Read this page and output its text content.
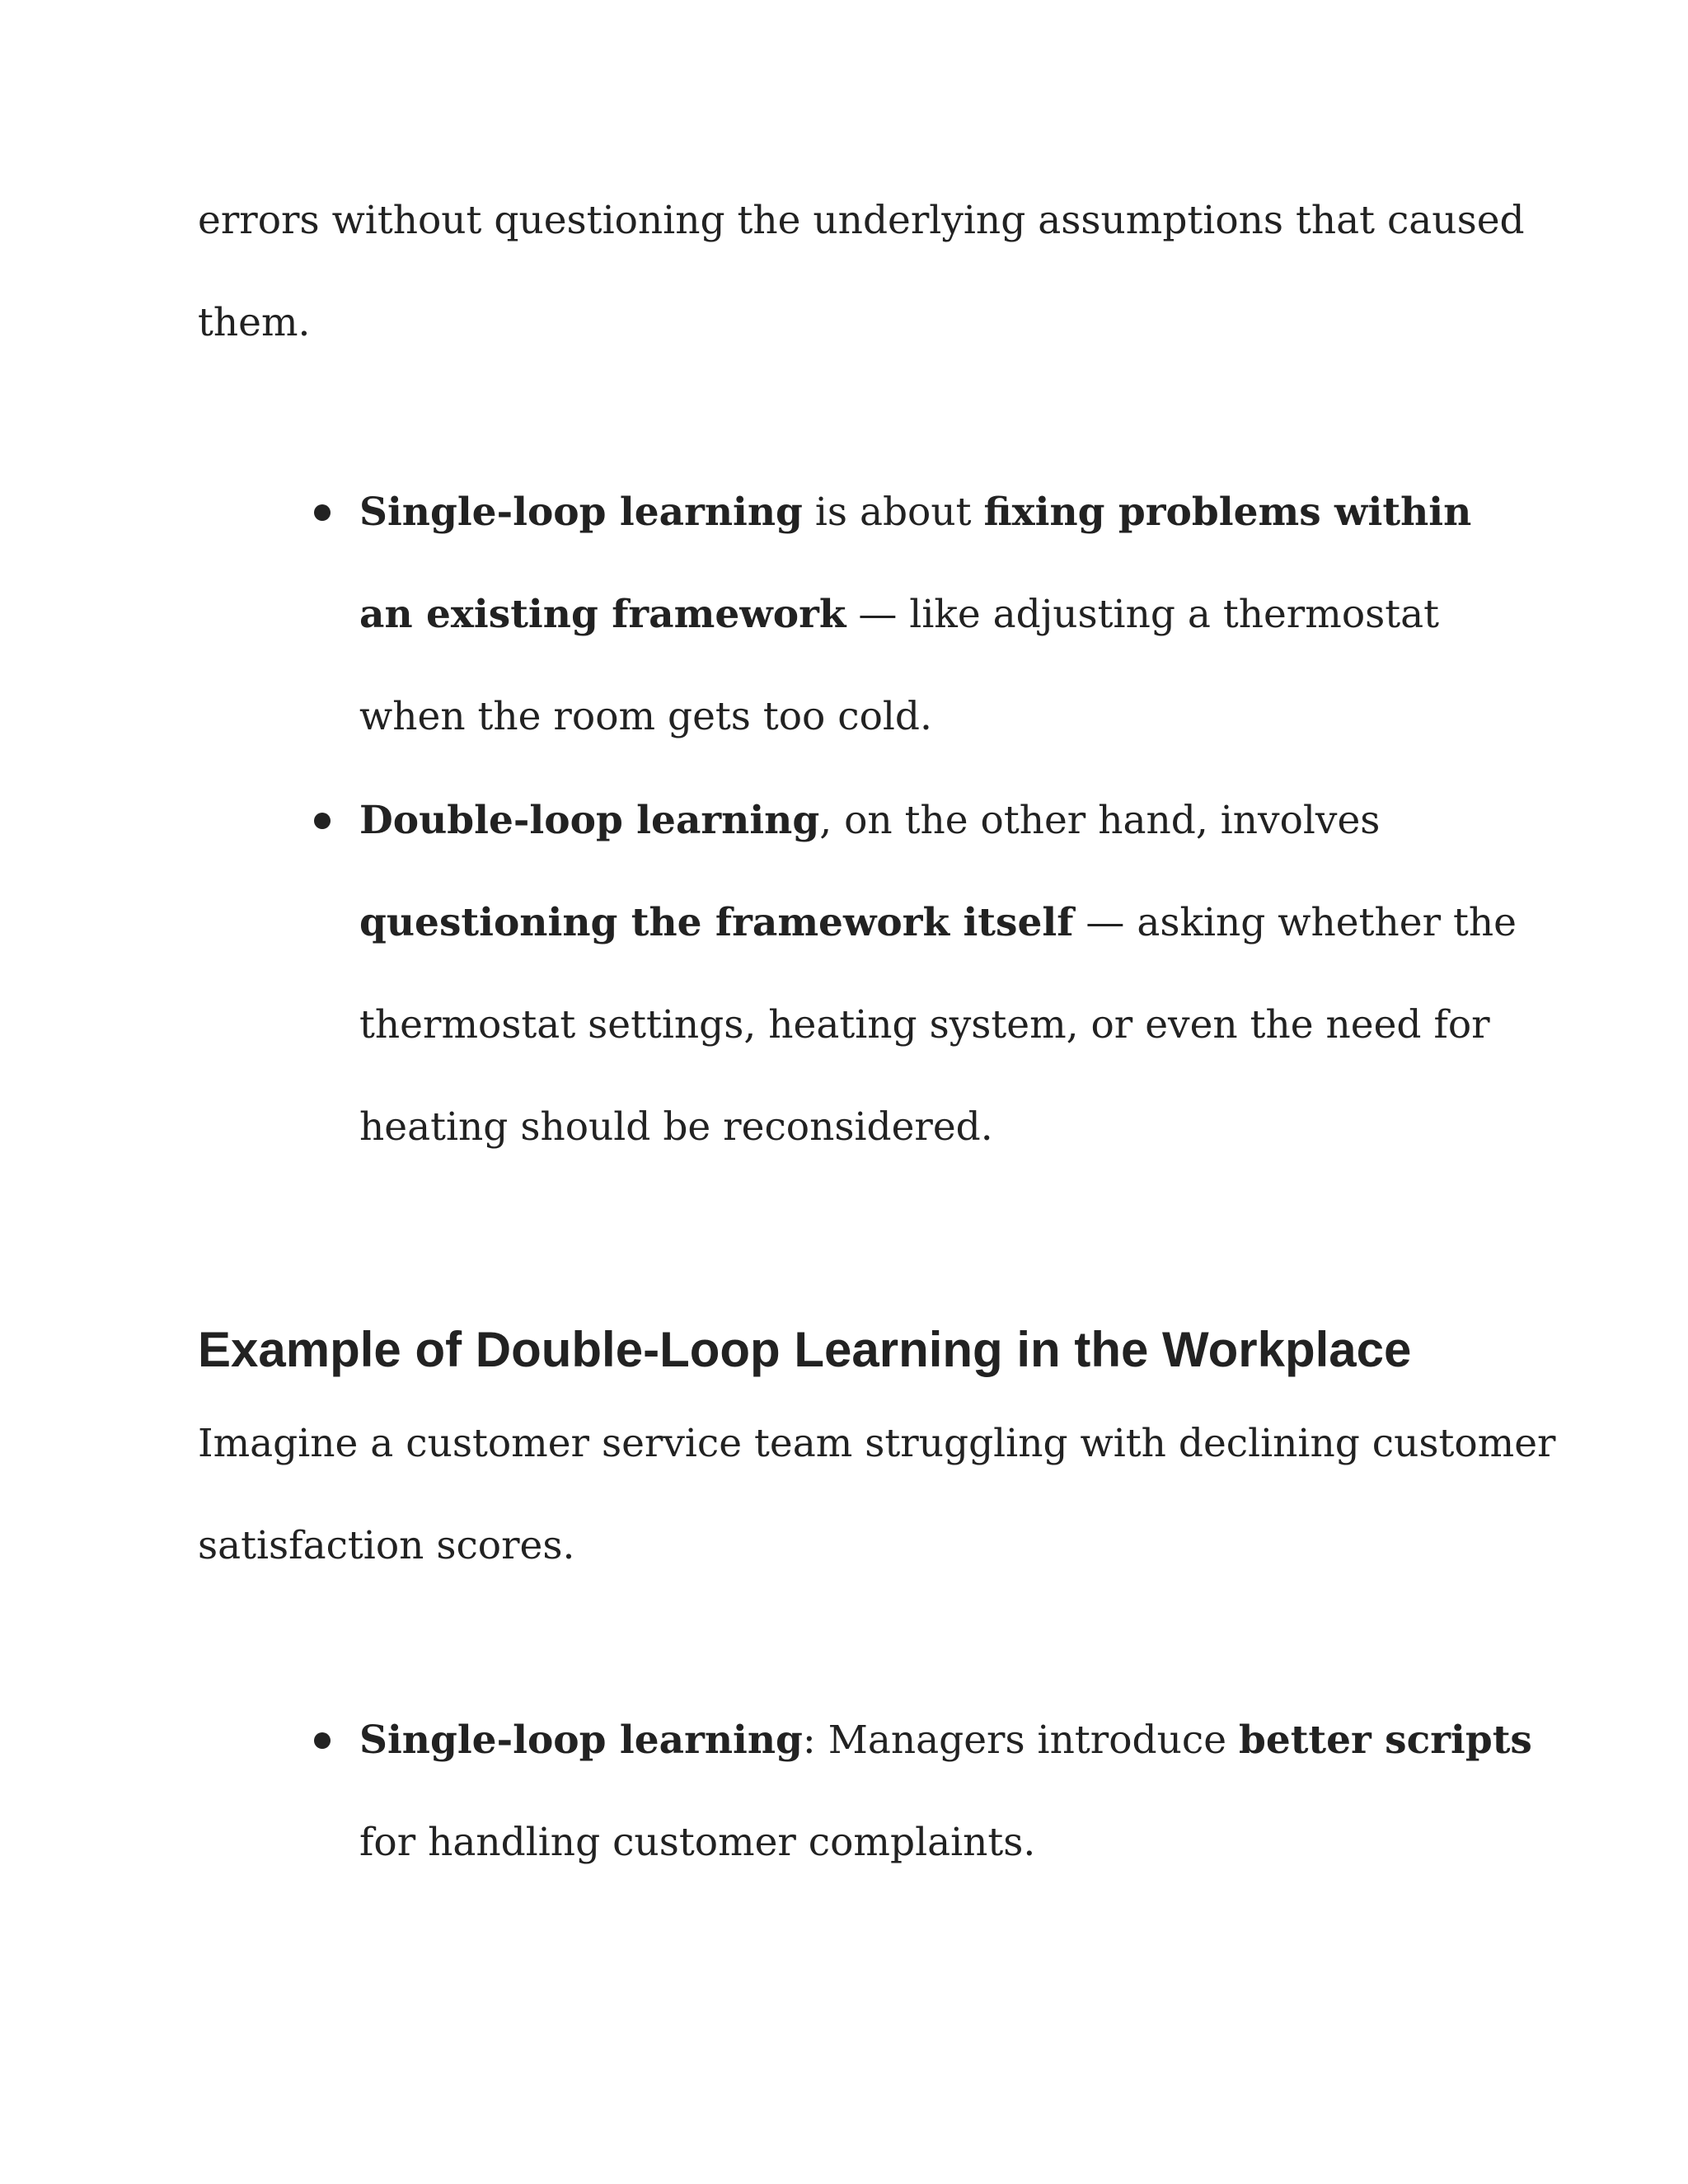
errors without questioning the underlying assumptions that caused
them.
Single-loop learning is about fixing problems within
an existing framework — like adjusting a thermostat
when the room gets too cold.
Double-loop learning, on the other hand, involves
questioning the framework itself — asking whether the
thermostat settings, heating system, or even the need for
heating should be reconsidered.
Example of Double-Loop Learning in the Workplace
Imagine a customer service team struggling with declining customer
satisfaction scores.
Single-loop learning: Managers introduce better scripts
for handling customer complaints.
